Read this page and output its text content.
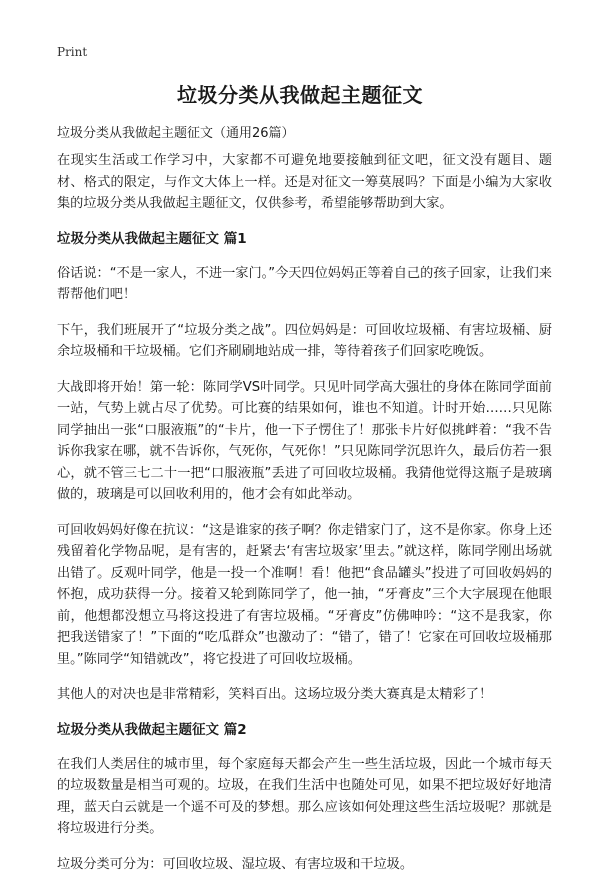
Print
垃圾分类从我做起主题征文
垃圾分类从我做起主题征文（通用26篇）

在现实生活或工作学习中，大家都不可避免地要接触到征文吧，征文没有题目、题材、格式的限定，与作文大体上一样。还是对征文一筹莫展吗？下面是小编为大家收集的垃圾分类从我做起主题征文，仅供参考，希望能够帮助到大家。

垃圾分类从我做起主题征文 篇1

俗话说：“不是一家人，不进一家门。”今天四位妈妈正等着自己的孩子回家，让我们来帮帮他们吧！

下午，我们班展开了“垃圾分类之战”。四位妈妈是：可回收垃圾桶、有害垃圾桶、厨余垃圾桶和干垃圾桶。它们齐刷刷地站成一排，等待着孩子们回家吃晚饭。

大战即将开始！第一轮：陈同学VS叶同学。只见叶同学高大强壮的身体在陈同学面前一站，气势上就占尽了优势。可比赛的结果如何，谁也不知道。计时开始……只见陈同学抽出一张“口服液瓶”的“卡片，他一下子愣住了！那张卡片好似挑衅着：“我不告诉你我家在哪，就不告诉你，气死你，气死你！”只见陈同学沉思许久，最后仿若一狠心，就不管三七二十一把“口服液瓶”丢进了可回收垃圾桶。我猜他觉得这瓶子是玻璃做的，玻璃是可以回收利用的，他才会有如此举动。

可回收妈妈好像在抗议：“这是谁家的孩子啊？你走错家门了，这不是你家。你身上还残留着化学物品呢，是有害的，赶紧去‘有害垃圾家’里去。”就这样，陈同学刚出场就出错了。反观叶同学，他是一投一个准啊！看！他把“食品罐头”投进了可回收妈妈的怀抱，成功获得一分。接着又轮到陈同学了，他一抽，“牙膏皮”三个大字展现在他眼前，他想都没想立马将这投进了有害垃圾桶。“牙膏皮”仿佛呻吟：“这不是我家，你把我送错家了！”下面的“吃瓜群众”也激动了：“错了，错了！它家在可回收垃圾桶那里。”陈同学“知错就改”，将它投进了可回收垃圾桶。

其他人的对决也是非常精彩，笑料百出。这场垃圾分类大赛真是太精彩了！

垃圾分类从我做起主题征文 篇2

在我们人类居住的城市里，每个家庭每天都会产生一些生活垃圾，因此一个城市每天的垃圾数量是相当可观的。垃圾，在我们生活中也随处可见，如果不把垃圾好好地清理，蓝天白云就是一个遥不可及的梦想。那么应该如何处理这些生活垃圾呢？那就是将垃圾进行分类。

垃圾分类可分为：可回收垃圾、湿垃圾、有害垃圾和干垃圾。
